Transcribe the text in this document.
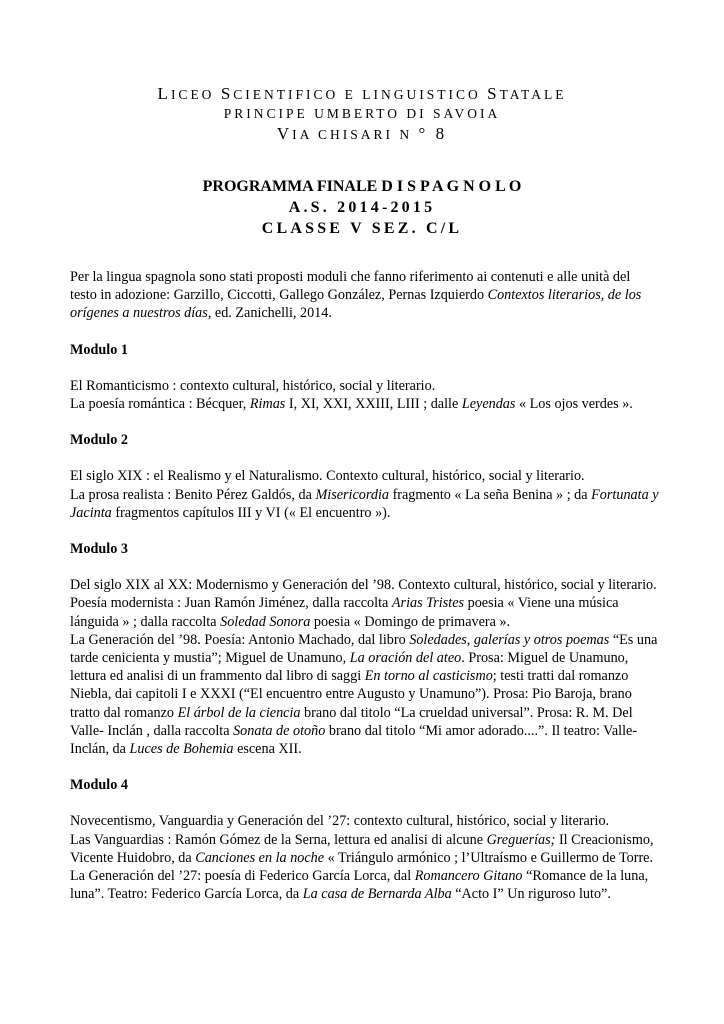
LICEO SCIENTIFICO E LINGUISTICO STATALE
PRINCIPE UMBERTO DI SAVOIA
VIA CHISARI N ° 8
PROGRAMMA FINALE D I S P A G N O L O
A.S. 2014-2015
CLASSE V SEZ. C/L

Per la lingua spagnola sono stati proposti moduli che fanno riferimento ai contenuti e alle unità del testo in adozione: Garzillo, Ciccotti, Gallego González, Pernas Izquierdo Contextos literarios, de los orígenes a nuestros días, ed. Zanichelli, 2014.

Modulo 1

El Romanticismo : contexto cultural, histórico, social y literario.

La poesía romántica : Bécquer, Rimas I, XI, XXI, XXIII, LIII ; dalle Leyendas « Los ojos verdes ».

Modulo 2

El siglo XIX : el Realismo y el Naturalismo. Contexto cultural, histórico, social y literario.

La prosa realista : Benito Pérez Galdós, da Misericordia fragmento « La seña Benina » ; da Fortunata y Jacinta fragmentos capítulos III y VI (« El encuentro »).

Modulo 3

Del siglo XIX al XX: Modernismo y Generación del ’98. Contexto cultural, histórico, social y literario. Poesía modernista : Juan Ramón Jiménez, dalla raccolta Arias Tristes poesia « Viene una música lánguida » ; dalla raccolta Soledad Sonora poesia « Domingo de primavera ».

La Generación del ’98. Poesía: Antonio Machado, dal libro Soledades, galerías y otros poemas “Es una tarde cenicienta y mustia”; Miguel de Unamuno, La oración del ateo. Prosa: Miguel de Unamuno, lettura ed analisi di un frammento dal libro di saggi En torno al casticismo; testi tratti dal romanzo Niebla, dai capitoli I e XXXI (“El encuentro entre Augusto y Unamuno”). Prosa: Pio Baroja, brano tratto dal romanzo El árbol de la ciencia brano dal titolo “La crueldad universal”. Prosa: R. M. Del Valle- Inclán , dalla raccolta Sonata de otoño brano dal titolo “Mi amor adorado....”. Il teatro: Valle-Inclán, da Luces de Bohemia escena XII.

Modulo 4

Novecentismo, Vanguardia y Generación del ’27: contexto cultural, histórico, social y literario.

Las Vanguardias : Ramón Gómez de la Serna, lettura ed analisi di alcune Greguerías; Il Creacionismo, Vicente Huidobro, da Canciones en la noche « Triángulo armónico ; l’Ultraísmo e Guillermo de Torre. La Generación del ’27: poesía di Federico García Lorca, dal Romancero Gitano “Romance de la luna, luna”. Teatro: Federico García Lorca, da La casa de Bernarda Alba “Acto I” Un riguroso luto”.
